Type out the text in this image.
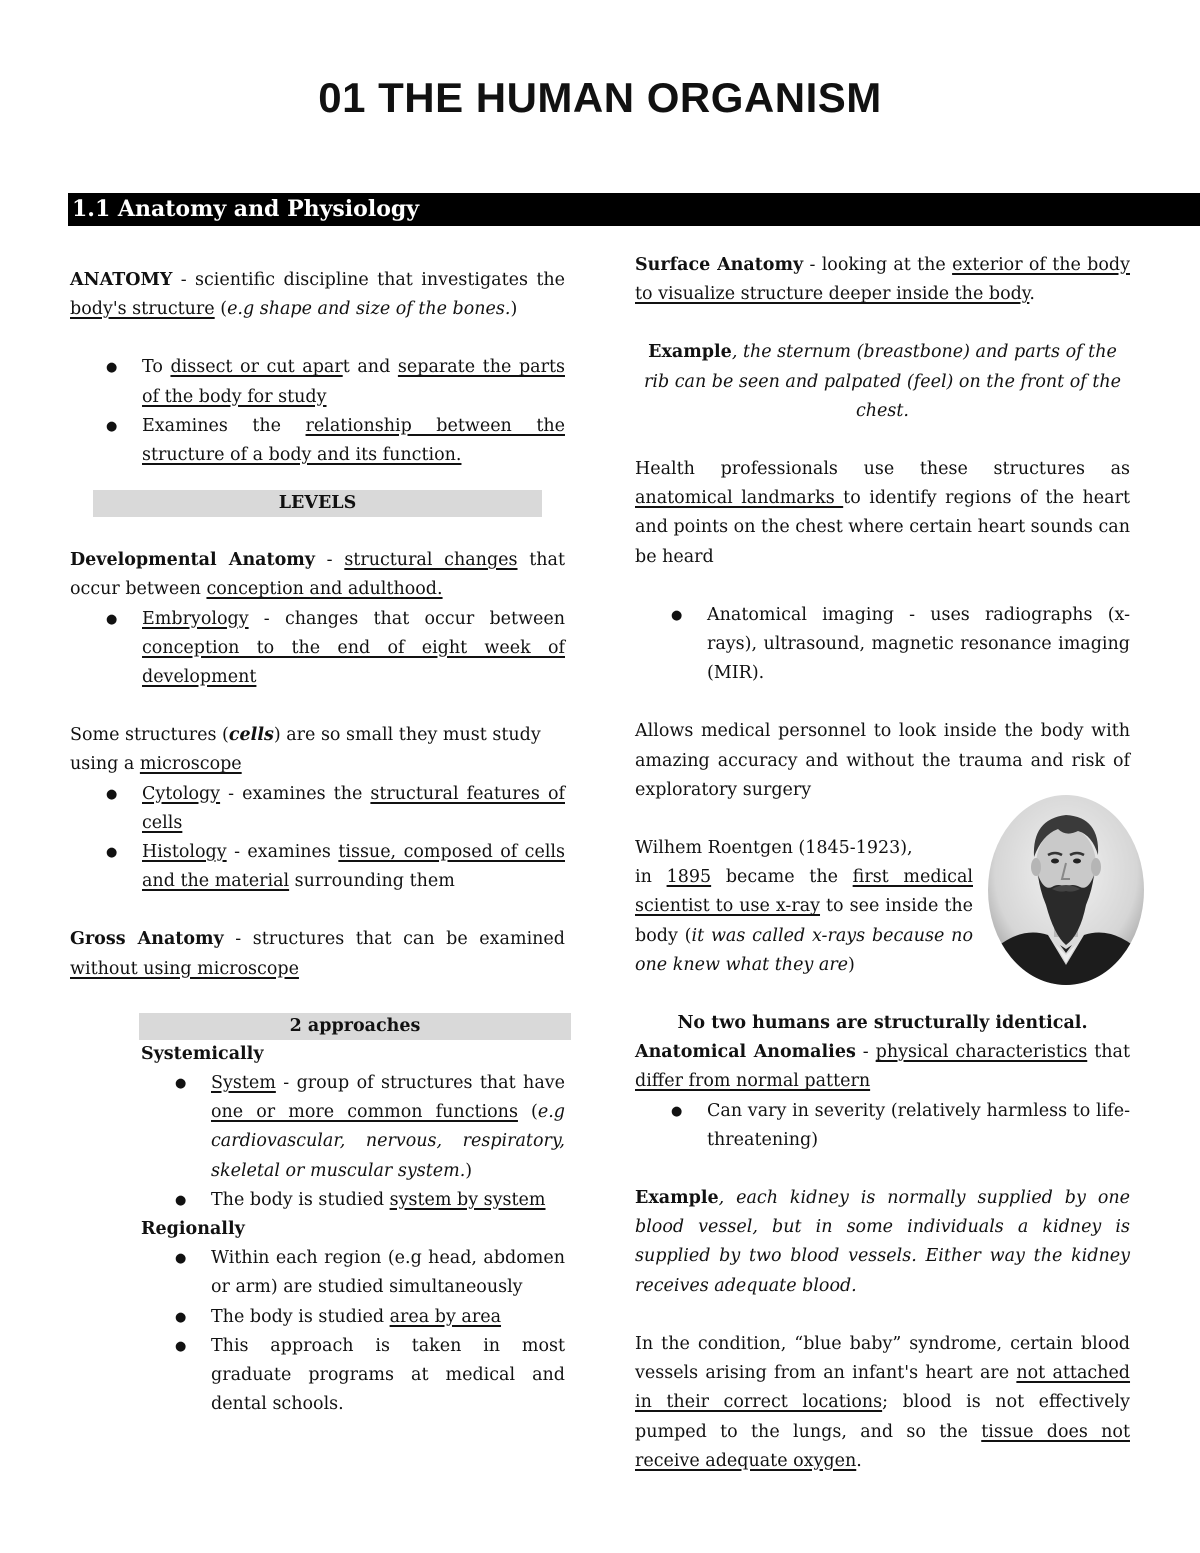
01 THE HUMAN ORGANISM
1.1 Anatomy and Physiology

ANATOMY - scientific discipline that investigates the body's structure (e.g shape and size of the bones.)

● To dissect or cut apart and separate the parts of the body for study
● Examines the relationship between the structure of a body and its function.
LEVELS

Developmental Anatomy - structural changes that occur between conception and adulthood.

● Embryology - changes that occur between conception to the end of eight week of development

Some structures (cells) are so small they must study using a microscope

● Cytology - examines the structural features of cells
● Histology - examines tissue, composed of cells and the material surrounding them

Gross Anatomy - structures that can be examined without using microscope

2 approaches

Systemically

● System - group of structures that have one or more common functions (e.g cardiovascular, nervous, respiratory, skeletal or muscular system.)
● The body is studied system by system

Regionally

● Within each region (e.g head, abdomen or arm) are studied simultaneously
● The body is studied area by area
● This approach is taken in most graduate programs at medical and dental schools.

Surface Anatomy - looking at the exterior of the body to visualize structure deeper inside the body.

Example, the sternum (breastbone) and parts of the rib can be seen and palpated (feel) on the front of the chest.

Health professionals use these structures as anatomical landmarks to identify regions of the heart and points on the chest where certain heart sounds can be heard

● Anatomical imaging - uses radiographs (x-rays), ultrasound, magnetic resonance imaging (MIR).

Allows medical personnel to look inside the body with amazing accuracy and without the trauma and risk of exploratory surgery

Wilhem Roentgen (1845-1923),

in 1895 became the first medical scientist to use x-ray to see inside the body (it was called x-rays because no one knew what they are)

No two humans are structurally identical.

Anatomical Anomalies - physical characteristics that differ from normal pattern

● Can vary in severity (relatively harmless to life-threatening)

Example, each kidney is normally supplied by one blood vessel, but in some individuals a kidney is supplied by two blood vessels. Either way the kidney receives adequate blood.

In the condition, “blue baby” syndrome, certain blood vessels arising from an infant's heart are not attached in their correct locations; blood is not effectively pumped to the lungs, and so the tissue does not receive adequate oxygen.
